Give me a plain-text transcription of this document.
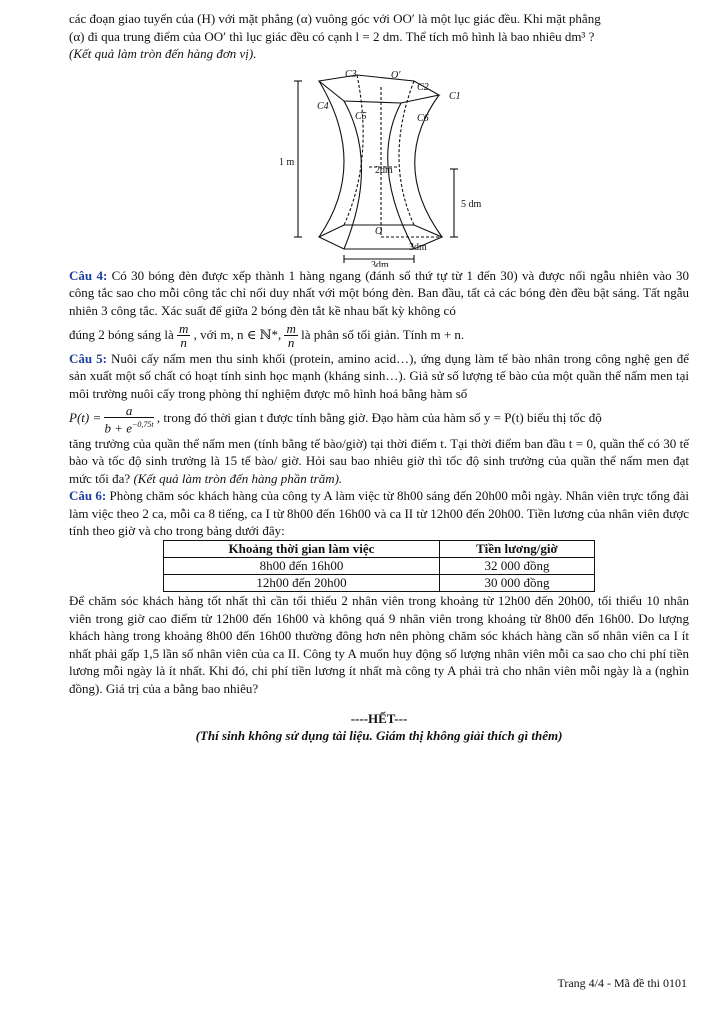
các đoạn giao tuyến của (H) với mặt phẳng (α) vuông góc với OO′ là một lục giác đều. Khi mặt phẳng

(α) đi qua trung điểm của OO′ thì lục giác đều có cạnh l = 2 dm. Thể tích mô hình là bao nhiêu dm³ ?

(Kết quả làm tròn đến hàng đơn vị).

C3	O′
C2
C1
C4
C5	C6
1 m
2dm
5 dm
O
3dm
3dm

Câu 4: Có 30 bóng đèn được xếp thành 1 hàng ngang (đánh số thứ tự từ 1 đến 30) và được nối ngẫu nhiên vào 30 công tắc sao cho mỗi công tắc chỉ nối duy nhất với một bóng đèn. Ban đầu, tất cả các bóng đèn đều bật sáng. Tất ngẫu nhiên 3 công tắc. Xác suất để giữa 2 bóng đèn tắt kề nhau bất kỳ không có

đúng 2 bóng sáng là $\frac{m}{n}$ , với m, n ∈ ℕ*, $\frac{m}{n}$ là phân số tối giản. Tính m + n.

Câu 5: Nuôi cấy nấm men thu sinh khối (protein, amino acid…), ứng dụng làm tế bào nhân trong công nghệ gen để sản xuất một số chất có hoạt tính sinh học mạnh (kháng sinh…). Giả sử số lượng tế bào của một quần thể nấm men tại môi trường nuôi cấy trong phòng thí nghiệm được mô hình hoá bằng hàm số

$P(t) = \frac{a}{b + e^{-0,75t}}$ , trong đó thời gian t được tính bằng giờ. Đạo hàm của hàm số y = P(t) biểu thị tốc độ

tăng trưởng của quần thể nấm men (tính bằng tế bào/giờ) tại thời điểm t. Tại thời điểm ban đầu t = 0, quần thể có 30 tế bào và tốc độ sinh trưởng là 15 tế bào/ giờ. Hỏi sau bao nhiêu giờ thì tốc độ sinh trưởng của quần thể nấm men đạt mức tối đa? (Kết quả làm tròn đến hàng phần trăm).

Câu 6: Phòng chăm sóc khách hàng của công ty A làm việc từ 8h00 sáng đến 20h00 mỗi ngày. Nhân viên trực tổng đài làm việc theo 2 ca, mỗi ca 8 tiếng, ca I từ 8h00 đến 16h00 và ca II từ 12h00 đến 20h00. Tiền lương của nhân viên được tính theo giờ và cho trong bảng dưới đây:

Khoảng thời gian làm việc	Tiền lương/giờ
8h00 đến 16h00	32 000 đồng
12h00 đến 20h00	30 000 đồng

Để chăm sóc khách hàng tốt nhất thì cần tối thiểu 2 nhân viên trong khoảng từ 12h00 đến 20h00, tối thiểu 10 nhân viên trong giờ cao điểm từ 12h00 đến 16h00 và không quá 9 nhân viên trong khoảng từ 8h00 đến 16h00. Do lượng khách hàng trong khoảng 8h00 đến 16h00 thường đông hơn nên phòng chăm sóc khách hàng cần số nhân viên ca I ít nhất phải gấp 1,5 lần số nhân viên của ca II. Công ty A muốn huy động số lượng nhân viên mỗi ca sao cho chi phí tiền lương mỗi ngày là ít nhất. Khi đó, chi phí tiền lương ít nhất mà công ty A phải trả cho nhân viên mỗi ngày là a (nghìn đồng). Giá trị của a bằng bao nhiêu?

----HẾT---

(Thí sinh không sử dụng tài liệu. Giám thị không giải thích gì thêm)

Trang 4/4 - Mã đề thi 0101
